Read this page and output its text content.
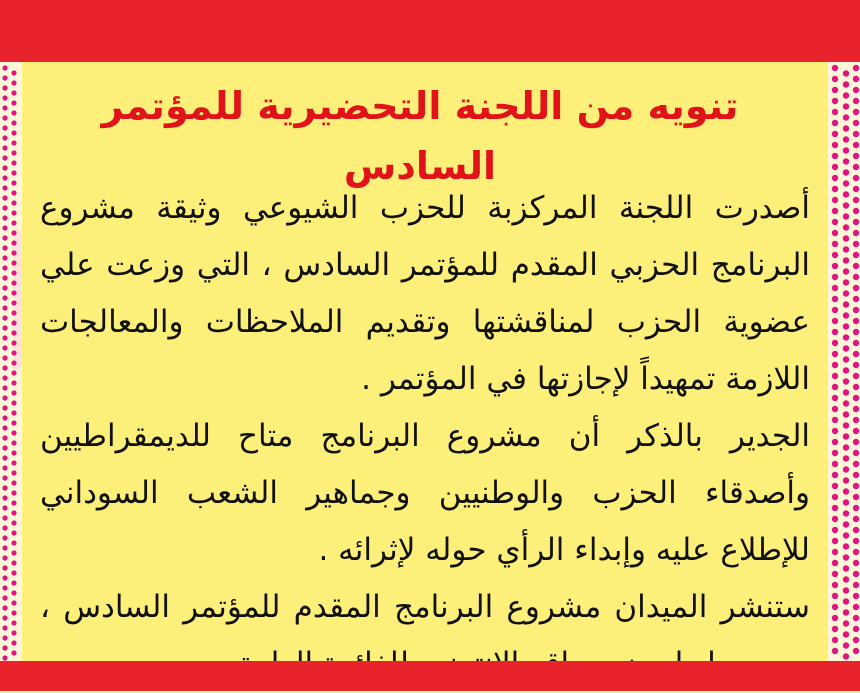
تنويه من اللجنة التحضيرية للمؤتمر السادس

أصدرت اللجنة المركزبة للحزب الشيوعي وثيقة مشروع البرنامج الحزبي المقدم للمؤتمر السادس ، التي وزعت علي عضوية الحزب لمناقشتها وتقديم الملاحظات والمعالجات اللازمة تمهيداً لإجازتها في المؤتمر .

الجدير بالذكر أن مشروع البرنامج متاح للديمقراطيين وأصدقاء الحزب والوطنيين وجماهير الشعب السوداني للإطلاع عليه وإبداء الرأي حوله لإثرائه .

ستنشر الميدان مشروع البرنامج المقدم للمؤتمر السادس ،
